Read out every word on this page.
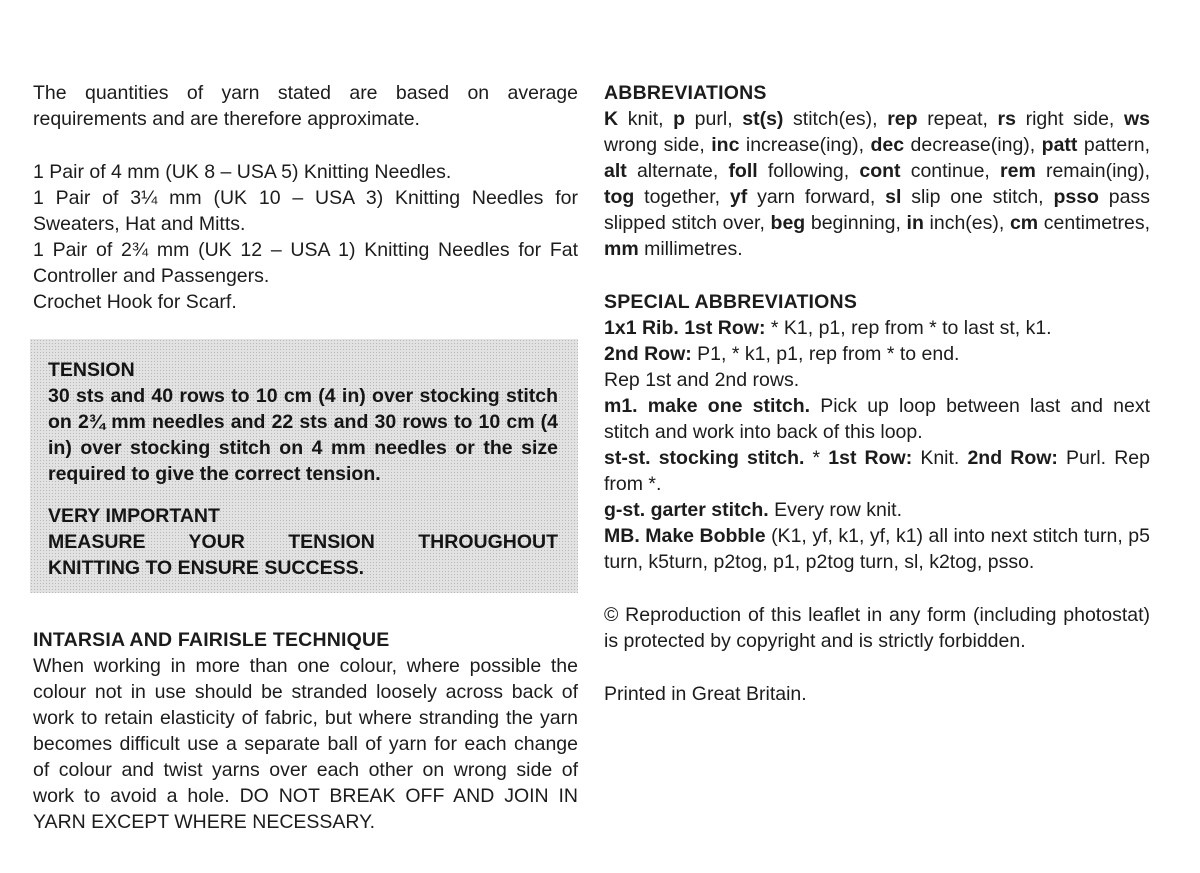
The quantities of yarn stated are based on average requirements and are therefore approximate.

1 Pair of 4 mm (UK 8 – USA 5) Knitting Needles.

1 Pair of 3¼ mm (UK 10 – USA 3) Knitting Needles for Sweaters, Hat and Mitts.

1 Pair of 2¾ mm (UK 12 – USA 1) Knitting Needles for Fat Controller and Passengers.

Crochet Hook for Scarf.

TENSION

30 sts and 40 rows to 10 cm (4 in) over stocking stitch on 2¾ mm needles and 22 sts and 30 rows to 10 cm (4 in) over stocking stitch on 4 mm needles or the size required to give the correct tension.

VERY IMPORTANT

MEASURE YOUR TENSION THROUGHOUT

KNITTING TO ENSURE SUCCESS.

INTARSIA AND FAIRISLE TECHNIQUE

When working in more than one colour, where possible the colour not in use should be stranded loosely across back of work to retain elasticity of fabric, but where stranding the yarn becomes difficult use a separate ball of yarn for each change of colour and twist yarns over each other on wrong side of work to avoid a hole. DO NOT BREAK OFF AND JOIN IN YARN EXCEPT WHERE NECESSARY.

ABBREVIATIONS

K knit, p purl, st(s) stitch(es), rep repeat, rs right side, ws wrong side, inc increase(ing), dec decrease(ing), patt pattern, alt alternate, foll following, cont continue, rem remain(ing), tog together, yf yarn forward, sl slip one stitch, psso pass slipped stitch over, beg beginning, in inch(es), cm centimetres, mm millimetres.

SPECIAL ABBREVIATIONS

1x1 Rib. 1st Row: * K1, p1, rep from * to last st, k1.

2nd Row: P1, * k1, p1, rep from * to end.

Rep 1st and 2nd rows.

m1. make one stitch. Pick up loop between last and next stitch and work into back of this loop.

st-st. stocking stitch. * 1st Row: Knit. 2nd Row: Purl. Rep from *.

g-st. garter stitch. Every row knit.

MB. Make Bobble (K1, yf, k1, yf, k1) all into next stitch turn, p5 turn, k5turn, p2tog, p1, p2tog turn, sl, k2tog, psso.

© Reproduction of this leaflet in any form (including photostat) is protected by copyright and is strictly forbidden.

Printed in Great Britain.
